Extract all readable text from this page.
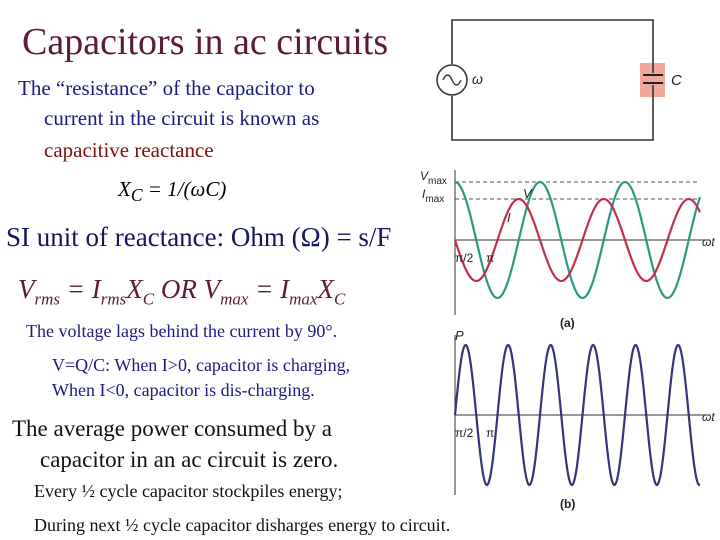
Capacitors in ac circuits
The “resistance” of the capacitor to
current in the circuit is known as
capacitive reactance
$X_C = 1/(\omega C)$
SI unit of reactance: Ohm (Ω) = s/F
$V_{rms} = I_{rms}X_C$ OR $V_{max} = I_{max}X_C$
The voltage lags behind the current by 90°.
V=Q/C: When I>0, capacitor is charging,
When I<0, capacitor is dis-charging.
The average power consumed by a
capacitor in an ac circuit is zero.
Every ½ cycle capacitor stockpiles energy;
During next ½ cycle capacitor disharges energy to circuit.
ω	C
$V_{max}$
$I_{max}$	V
I
π/2 π
ωt
(a)
P
π/2 π
ωt
(b)
